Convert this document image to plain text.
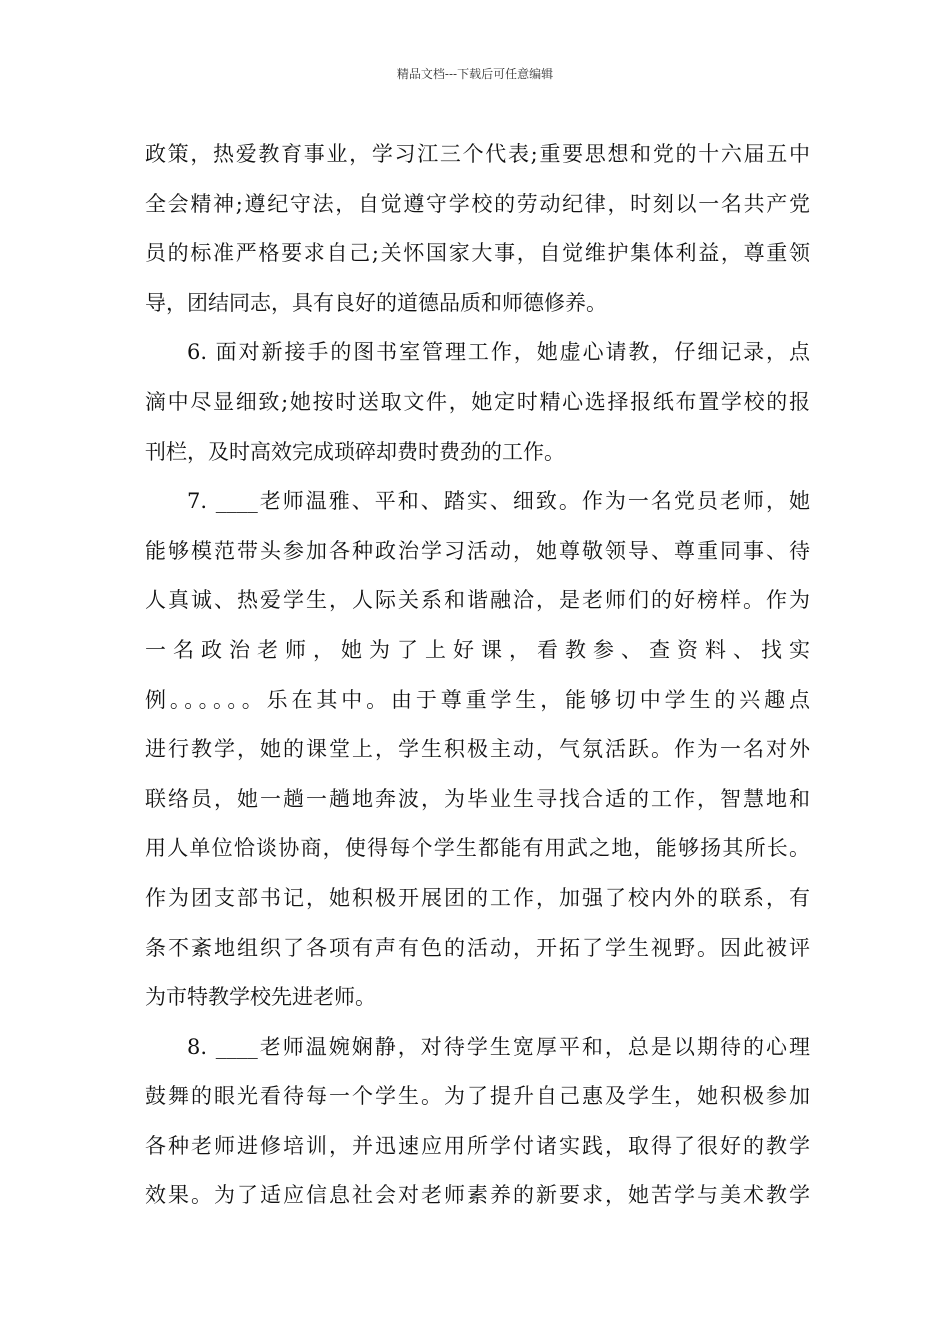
精品文档---下载后可任意编辑
政策，热爱教育事业，学习江三个代表;重要思想和党的十六届五中
全会精神;遵纪守法，自觉遵守学校的劳动纪律，时刻以一名共产党
员的标准严格要求自己;关怀国家大事，自觉维护集体利益，尊重领
导，团结同志，具有良好的道德品质和师德修养。
6. 面对新接手的图书室管理工作，她虚心请教，仔细记录，点
滴中尽显细致;她按时送取文件，她定时精心选择报纸布置学校的报
刊栏，及时高效完成琐碎却费时费劲的工作。
7. ____老师温雅、平和、踏实、细致。作为一名党员老师，她
能够模范带头参加各种政治学习活动，她尊敬领导、尊重同事、待
人真诚、热爱学生，人际关系和谐融洽，是老师们的好榜样。作为
一名政治老师，她为了上好课，看教参、查资料、找实
例。。。。。。乐在其中。由于尊重学生，能够切中学生的兴趣点
进行教学，她的课堂上，学生积极主动，气氛活跃。作为一名对外
联络员，她一趟一趟地奔波，为毕业生寻找合适的工作，智慧地和
用人单位恰谈协商，使得每个学生都能有用武之地，能够扬其所长。
作为团支部书记，她积极开展团的工作，加强了校内外的联系，有
条不紊地组织了各项有声有色的活动，开拓了学生视野。因此被评
为市特教学校先进老师。
8. ____老师温婉娴静，对待学生宽厚平和，总是以期待的心理
鼓舞的眼光看待每一个学生。为了提升自己惠及学生，她积极参加
各种老师进修培训，并迅速应用所学付诸实践，取得了很好的教学
效果。为了适应信息社会对老师素养的新要求，她苦学与美术教学
